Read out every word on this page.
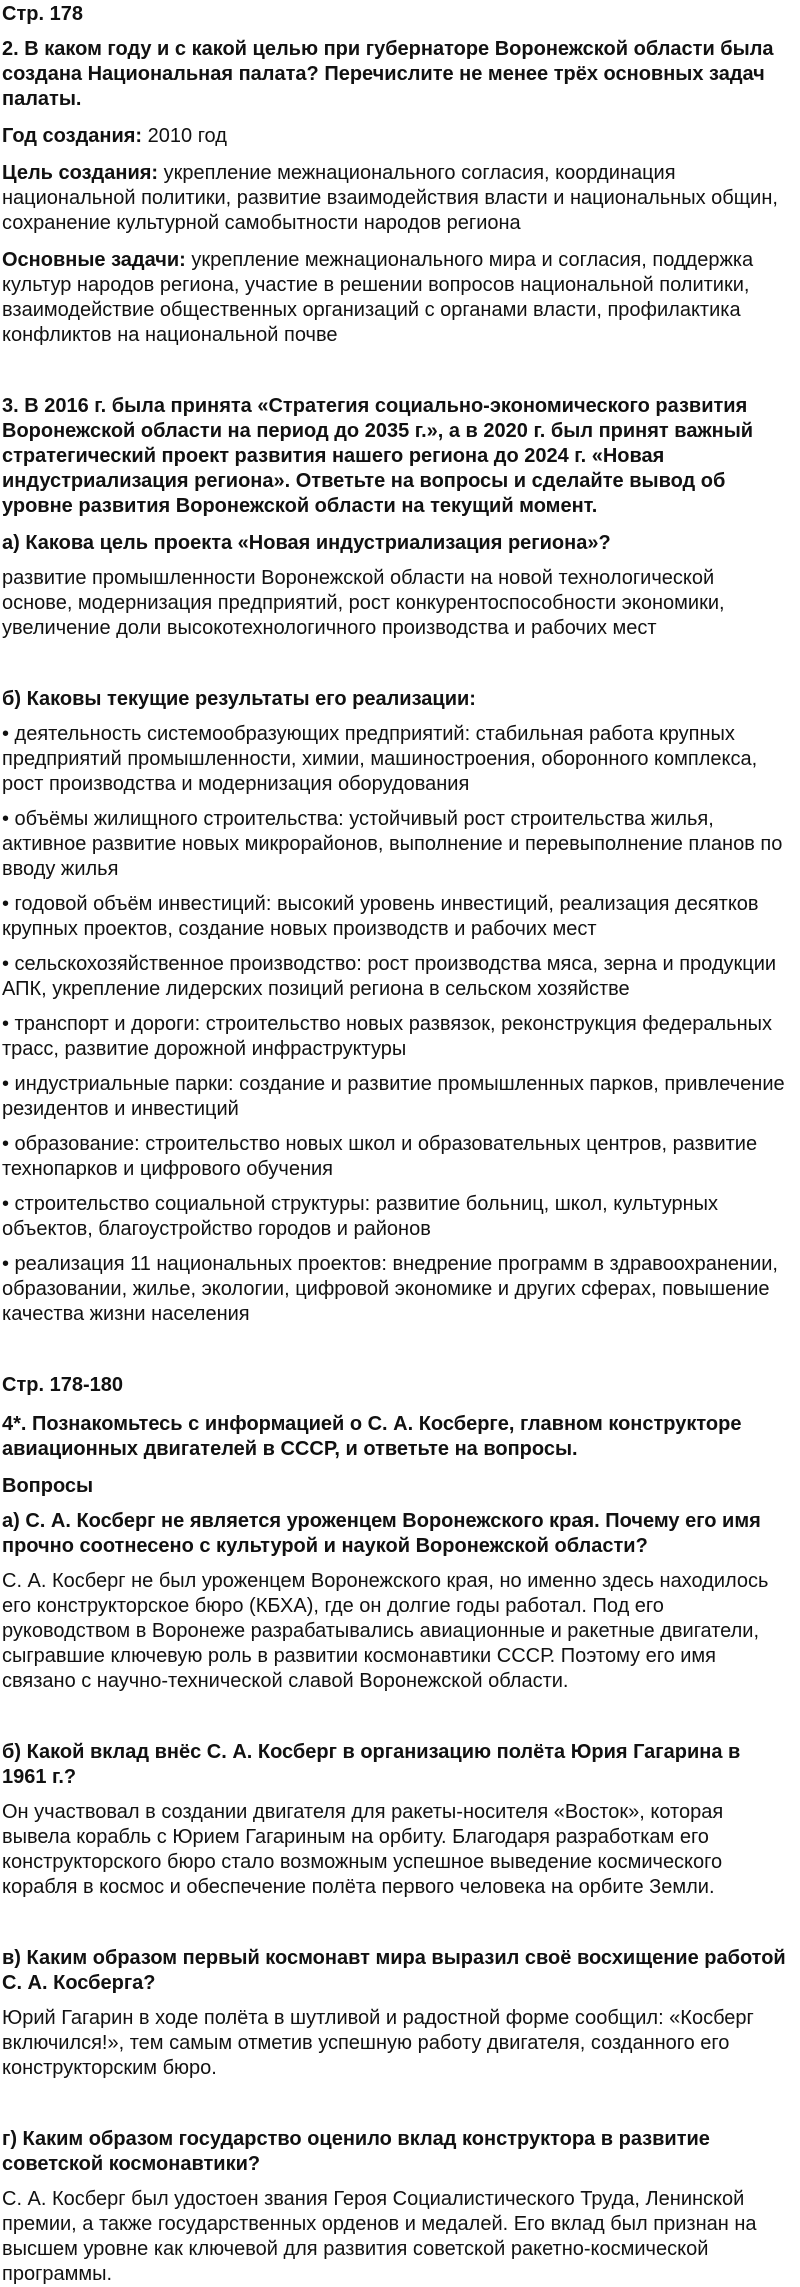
Стр. 178

2. В каком году и с какой целью при губернаторе Воронежской области была создана Национальная палата? Перечислите не менее трёх основных задач палаты.

Год создания: 2010 год

Цель создания: укрепление межнационального согласия, координация национальной политики, развитие взаимодействия власти и национальных общин, сохранение культурной самобытности народов региона

Основные задачи: укрепление межнационального мира и согласия, поддержка культур народов региона, участие в решении вопросов национальной политики, взаимодействие общественных организаций с органами власти, профилактика конфликтов на национальной почве

3. В 2016 г. была принята «Стратегия социально-экономического развития Воронежской области на период до 2035 г.», а в 2020 г. был принят важный стратегический проект развития нашего региона до 2024 г. «Новая индустриализация региона». Ответьте на вопросы и сделайте вывод об уровне развития Воронежской области на текущий момент.

а) Какова цель проекта «Новая индустриализация региона»?

развитие промышленности Воронежской области на новой технологической основе, модернизация предприятий, рост конкурентоспособности экономики, увеличение доли высокотехнологичного производства и рабочих мест

б) Каковы текущие результаты его реализации:

• деятельность системообразующих предприятий: стабильная работа крупных предприятий промышленности, химии, машиностроения, оборонного комплекса, рост производства и модернизация оборудования

• объёмы жилищного строительства: устойчивый рост строительства жилья, активное развитие новых микрорайонов, выполнение и перевыполнение планов по вводу жилья

• годовой объём инвестиций: высокий уровень инвестиций, реализация десятков крупных проектов, создание новых производств и рабочих мест

• сельскохозяйственное производство: рост производства мяса, зерна и продукции АПК, укрепление лидерских позиций региона в сельском хозяйстве

• транспорт и дороги: строительство новых развязок, реконструкция федеральных трасс, развитие дорожной инфраструктуры

• индустриальные парки: создание и развитие промышленных парков, привлечение резидентов и инвестиций

• образование: строительство новых школ и образовательных центров, развитие технопарков и цифрового обучения

• строительство социальной структуры: развитие больниц, школ, культурных объектов, благоустройство городов и районов

• реализация 11 национальных проектов: внедрение программ в здравоохранении, образовании, жилье, экологии, цифровой экономике и других сферах, повышение качества жизни населения

Стр. 178-180

4*. Познакомьтесь с информацией о С. А. Косберге, главном конструкторе авиационных двигателей в СССР, и ответьте на вопросы.

Вопросы

а) С. А. Косберг не является уроженцем Воронежского края. Почему его имя прочно соотнесено с культурой и наукой Воронежской области?

С. А. Косберг не был уроженцем Воронежского края, но именно здесь находилось его конструкторское бюро (КБХА), где он долгие годы работал. Под его руководством в Воронеже разрабатывались авиационные и ракетные двигатели, сыгравшие ключевую роль в развитии космонавтики СССР. Поэтому его имя связано с научно-технической славой Воронежской области.

б) Какой вклад внёс С. А. Косберг в организацию полёта Юрия Гагарина в 1961 г.?

Он участвовал в создании двигателя для ракеты-носителя «Восток», которая вывела корабль с Юрием Гагариным на орбиту. Благодаря разработкам его конструкторского бюро стало возможным успешное выведение космического корабля в космос и обеспечение полёта первого человека на орбите Земли.

в) Каким образом первый космонавт мира выразил своё восхищение работой С. А. Косберга?

Юрий Гагарин в ходе полёта в шутливой и радостной форме сообщил: «Косберг включился!», тем самым отметив успешную работу двигателя, созданного его конструкторским бюро.

г) Каким образом государство оценило вклад конструктора в развитие советской космонавтики?

С. А. Косберг был удостоен звания Героя Социалистического Труда, Ленинской премии, а также государственных орденов и медалей. Его вклад был признан на высшем уровне как ключевой для развития советской ракетно-космической программы.
